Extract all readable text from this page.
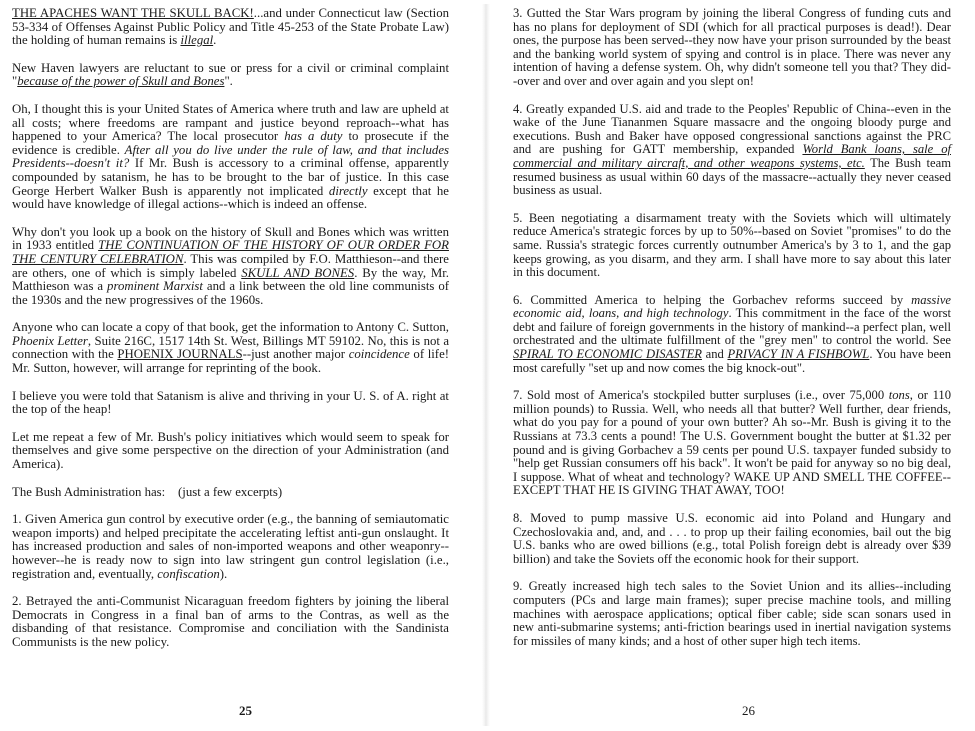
THE APACHES WANT THE SKULL BACK!...and under Connecticut law (Section 53-334 of Offenses Against Public Policy and Title 45-253 of the State Probate Law) the holding of human remains is illegal.

New Haven lawyers are reluctant to sue or press for a civil or criminal complaint "because of the power of Skull and Bones".

Oh, I thought this is your United States of America where truth and law are upheld at all costs; where freedoms are rampant and justice beyond reproach--what has happened to your America? The local prosecutor has a duty to prosecute if the evidence is credible. After all you do live under the rule of law, and that includes Presidents--doesn't it? If Mr. Bush is accessory to a criminal offense, apparently compounded by satanism, he has to be brought to the bar of justice. In this case George Herbert Walker Bush is apparently not implicated directly except that he would have knowledge of illegal actions--which is indeed an offense.

Why don't you look up a book on the history of Skull and Bones which was written in 1933 entitled THE CONTINUATION OF THE HISTORY OF OUR ORDER FOR THE CENTURY CELEBRATION. This was compiled by F.O. Matthieson--and there are others, one of which is simply labeled SKULL AND BONES. By the way, Mr. Matthieson was a prominent Marxist and a link between the old line communists of the 1930s and the new progressives of the 1960s.

Anyone who can locate a copy of that book, get the information to Antony C. Sutton, Phoenix Letter, Suite 216C, 1517 14th St. West, Billings MT 59102. No, this is not a connection with the PHOENIX JOURNALS--just another major coincidence of life! Mr. Sutton, however, will arrange for reprinting of the book.

I believe you were told that Satanism is alive and thriving in your U. S. of A. right at the top of the heap!

Let me repeat a few of Mr. Bush's policy initiatives which would seem to speak for themselves and give some perspective on the direction of your Administration (and America).

The Bush Administration has:    (just a few excerpts)

1. Given America gun control by executive order (e.g., the banning of semiautomatic weapon imports) and helped precipitate the accelerating leftist anti-gun onslaught. It has increased production and sales of non-imported weapons and other weaponry--however--he is ready now to sign into law stringent gun control legislation (i.e., registration and, eventually, confiscation).

2. Betrayed the anti-Communist Nicaraguan freedom fighters by joining the liberal Democrats in Congress in a final ban of arms to the Contras, as well as the disbanding of that resistance. Compromise and conciliation with the Sandinista Communists is the new policy.

25

3. Gutted the Star Wars program by joining the liberal Congress of funding cuts and has no plans for deployment of SDI (which for all practical purposes is dead!). Dear ones, the purpose has been served--they now have your prison surrounded by the beast and the banking world system of spying and control is in place. There was never any intention of having a defense system. Oh, why didn't someone tell you that? They did--over and over and over again and you slept on!

4. Greatly expanded U.S. aid and trade to the Peoples' Republic of China--even in the wake of the June Tiananmen Square massacre and the ongoing bloody purge and executions. Bush and Baker have opposed congressional sanctions against the PRC and are pushing for GATT membership, expanded World Bank loans, sale of commercial and military aircraft, and other weapons systems, etc. The Bush team resumed business as usual within 60 days of the massacre--actually they never ceased business as usual.

5. Been negotiating a disarmament treaty with the Soviets which will ultimately reduce America's strategic forces by up to 50%--based on Soviet "promises" to do the same. Russia's strategic forces currently outnumber America's by 3 to 1, and the gap keeps growing, as you disarm, and they arm. I shall have more to say about this later in this document.

6. Committed America to helping the Gorbachev reforms succeed by massive economic aid, loans, and high technology. This commitment in the face of the worst debt and failure of foreign governments in the history of mankind--a perfect plan, well orchestrated and the ultimate fulfillment of the "grey men" to control the world. See SPIRAL TO ECONOMIC DISASTER and PRIVACY IN A FISHBOWL. You have been most carefully "set up and now comes the big knock-out".

7. Sold most of America's stockpiled butter surpluses (i.e., over 75,000 tons, or 110 million pounds) to Russia. Well, who needs all that butter? Well further, dear friends, what do you pay for a pound of your own butter? Ah so--Mr. Bush is giving it to the Russians at 73.3 cents a pound! The U.S. Government bought the butter at $1.32 per pound and is giving Gorbachev a 59 cents per pound U.S. taxpayer funded subsidy to "help get Russian consumers off his back". It won't be paid for anyway so no big deal, I suppose. What of wheat and technology? WAKE UP AND SMELL THE COFFEE--EXCEPT THAT HE IS GIVING THAT AWAY, TOO!

8. Moved to pump massive U.S. economic aid into Poland and Hungary and Czechoslovakia and, and, and . . . to prop up their failing economies, bail out the big U.S. banks who are owed billions (e.g., total Polish foreign debt is already over $39 billion) and take the Soviets off the economic hook for their support.

9. Greatly increased high tech sales to the Soviet Union and its allies--including computers (PCs and large main frames); super precise machine tools, and milling machines with aerospace applications; optical fiber cable; side scan sonars used in new anti-submarine systems; anti-friction bearings used in inertial navigation systems for missiles of many kinds; and a host of other super high tech items.

26
